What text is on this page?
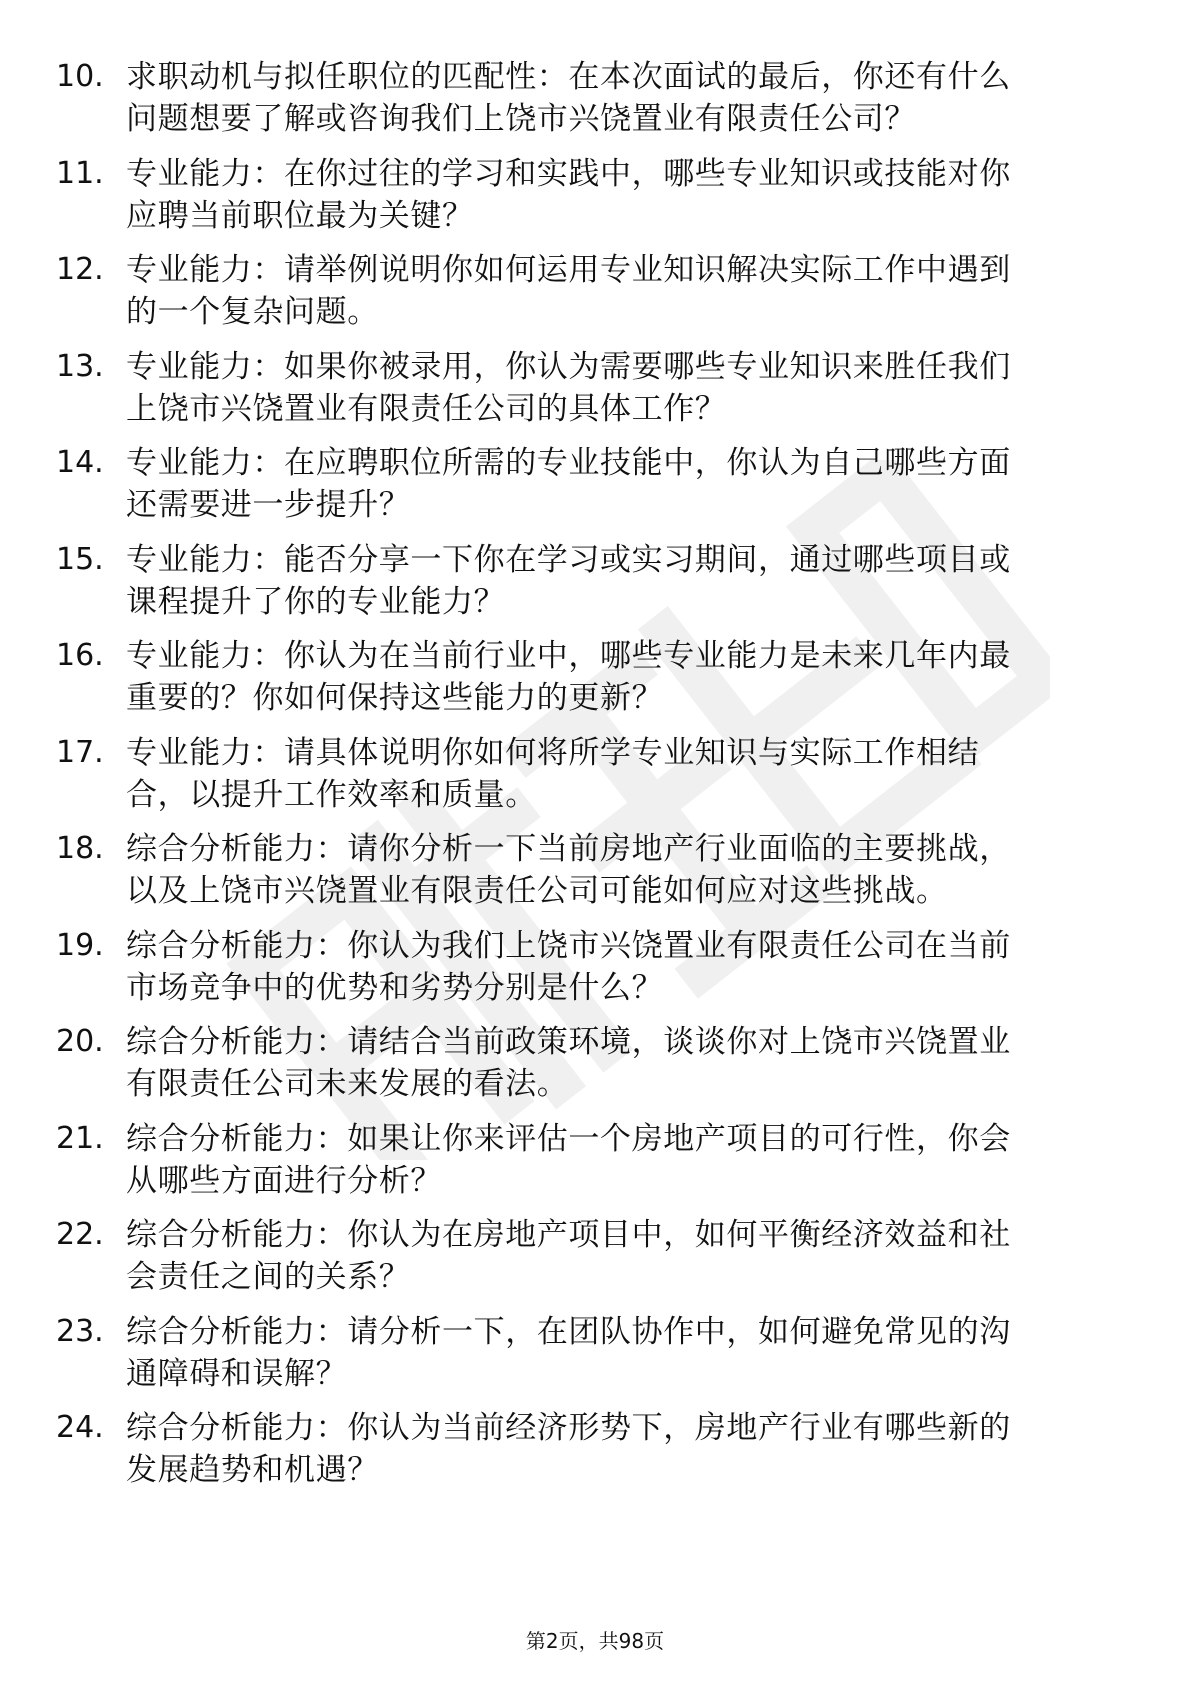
10. 求职动机与拟任职位的匹配性：在本次面试的最后，你还有什么
问题想要了解或咨询我们上饶市兴饶置业有限责任公司？
11. 专业能力：在你过往的学习和实践中，哪些专业知识或技能对你
应聘当前职位最为关键？
12. 专业能力：请举例说明你如何运用专业知识解决实际工作中遇到
的一个复杂问题。
13. 专业能力：如果你被录用，你认为需要哪些专业知识来胜任我们
上饶市兴饶置业有限责任公司的具体工作？
14. 专业能力：在应聘职位所需的专业技能中，你认为自己哪些方面
还需要进一步提升？
15. 专业能力：能否分享一下你在学习或实习期间，通过哪些项目或
课程提升了你的专业能力？
16. 专业能力：你认为在当前行业中，哪些专业能力是未来几年内最
重要的？你如何保持这些能力的更新？
17. 专业能力：请具体说明你如何将所学专业知识与实际工作相结
合，以提升工作效率和质量。
18. 综合分析能力：请你分析一下当前房地产行业面临的主要挑战，
以及上饶市兴饶置业有限责任公司可能如何应对这些挑战。
19. 综合分析能力：你认为我们上饶市兴饶置业有限责任公司在当前
市场竞争中的优势和劣势分别是什么？
20. 综合分析能力：请结合当前政策环境，谈谈你对上饶市兴饶置业
有限责任公司未来发展的看法。
21. 综合分析能力：如果让你来评估一个房地产项目的可行性，你会
从哪些方面进行分析？
22. 综合分析能力：你认为在房地产项目中，如何平衡经济效益和社
会责任之间的关系？
23. 综合分析能力：请分析一下，在团队协作中，如何避免常见的沟
通障碍和误解？
24. 综合分析能力：你认为当前经济形势下，房地产行业有哪些新的
发展趋势和机遇？
第2页，共98页
